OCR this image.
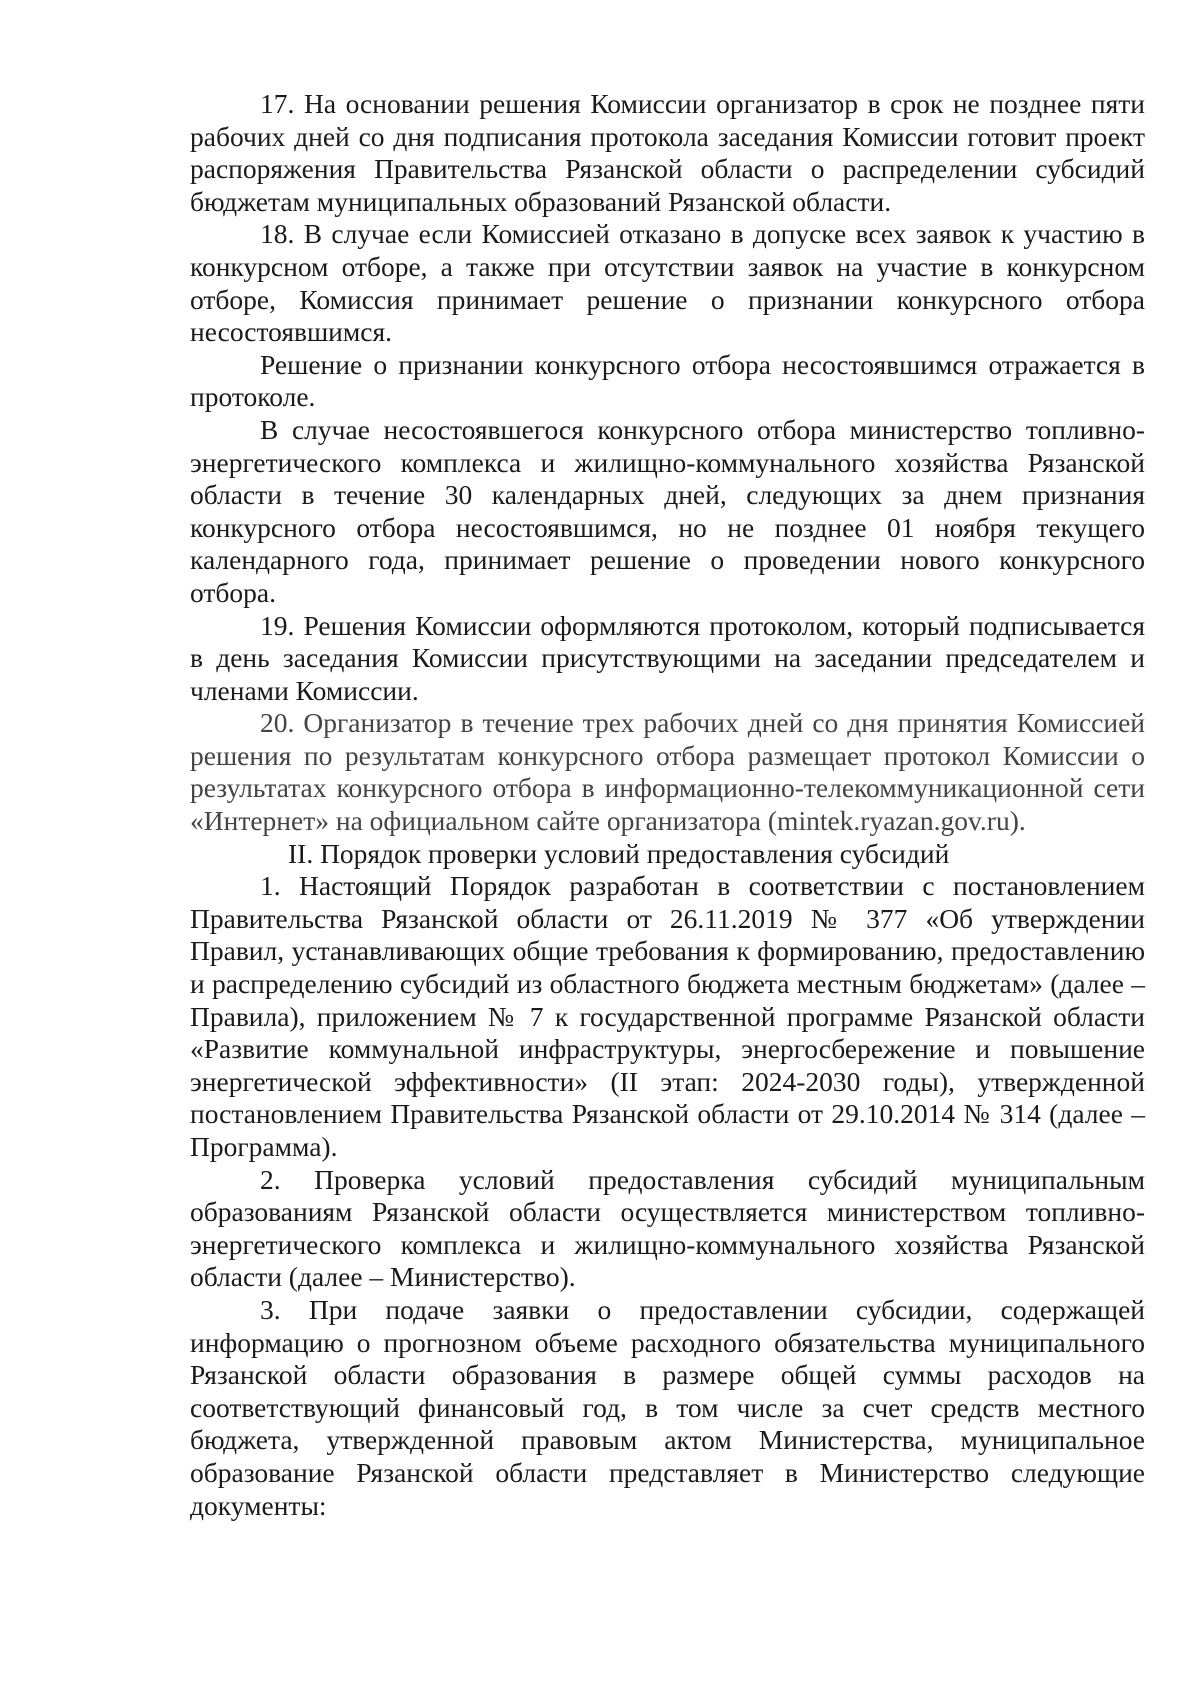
17. На основании решения Комиссии организатор в срок не позднее пяти рабочих дней со дня подписания протокола заседания Комиссии готовит проект распоряжения Правительства Рязанской области о распределении субсидий бюджетам муниципальных образований Рязанской области.

18. В случае если Комиссией отказано в допуске всех заявок к участию в конкурсном отборе, а также при отсутствии заявок на участие в конкурсном отборе, Комиссия принимает решение о признании конкурсного отбора несостоявшимся.

Решение о признании конкурсного отбора несостоявшимся отражается в протоколе.

В случае несостоявшегося конкурсного отбора министерство топливно-энергетического комплекса и жилищно-коммунального хозяйства Рязанской области в течение 30 календарных дней, следующих за днем признания конкурсного отбора несостоявшимся, но не позднее 01 ноября текущего календарного года, принимает решение о проведении нового конкурсного отбора.

19. Решения Комиссии оформляются протоколом, который подписывается в день заседания Комиссии присутствующими на заседании председателем и членами Комиссии.

20. Организатор в течение трех рабочих дней со дня принятия Комиссией решения по результатам конкурсного отбора размещает протокол Комиссии о результатах конкурсного отбора в информационно-телекоммуникационной сети «Интернет» на официальном сайте организатора (mintek.ryazan.gov.ru).

II. Порядок проверки условий предоставления субсидий

1. Настоящий Порядок разработан в соответствии с постановлением Правительства Рязанской области от 26.11.2019 № 377 «Об утверждении Правил, устанавливающих общие требования к формированию, предоставлению и распределению субсидий из областного бюджета местным бюджетам» (далее – Правила), приложением № 7 к государственной программе Рязанской области «Развитие коммунальной инфраструктуры, энергосбережение и повышение энергетической эффективности» (II этап: 2024-2030 годы), утвержденной постановлением Правительства Рязанской области от 29.10.2014 № 314 (далее – Программа).

2. Проверка условий предоставления субсидий муниципальным образованиям Рязанской области осуществляется министерством топливно-энергетического комплекса и жилищно-коммунального хозяйства Рязанской области (далее – Министерство).

3. При подаче заявки о предоставлении субсидии, содержащей информацию о прогнозном объеме расходного обязательства муниципального Рязанской области образования в размере общей суммы расходов на соответствующий финансовый год, в том числе за счет средств местного бюджета, утвержденной правовым актом Министерства, муниципальное образование Рязанской области представляет в Министерство следующие документы:
